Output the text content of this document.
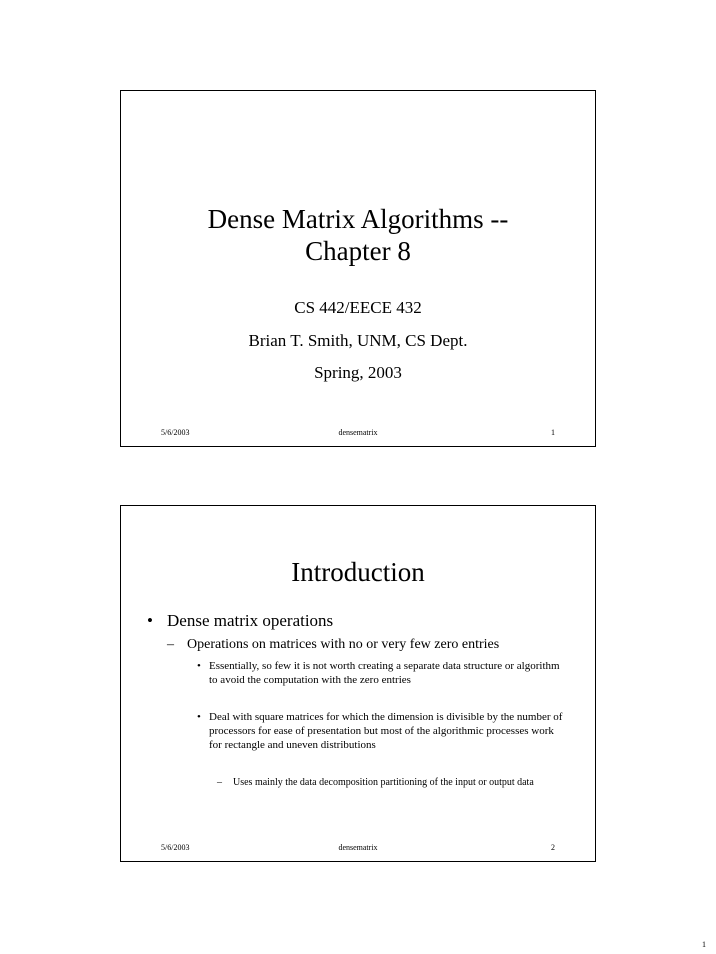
Dense Matrix Algorithms --
Chapter 8
CS 442/EECE 432
Brian T. Smith, UNM, CS Dept.
Spring, 2003
5/6/2003	densematrix	1
Introduction
• Dense matrix operations
– Operations on matrices with no or very few zero entries
• Essentially, so few it is not worth creating a separate data structure or algorithm to avoid the computation with the zero entries
• Deal with square matrices for which the dimension is divisible by the number of processors for ease of presentation but most of the algorithmic processes work for rectangle and uneven distributions
–	Uses mainly the data decomposition partitioning of the input or output data
5/6/2003	densematrix	2
1
